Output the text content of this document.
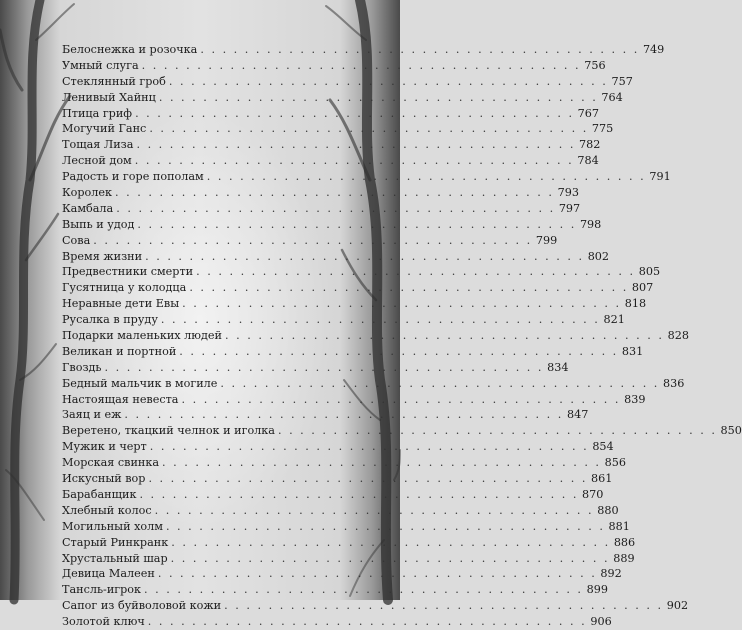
Белоснежка и розочка . . . . . . . . . . . . . . . . . . . . . . . . . . . . . . . . . . . . . . . . 749
Умный слуга . . . . . . . . . . . . . . . . . . . . . . . . . . . . . . . . . . . . . . . . 756
Стеклянный гроб . . . . . . . . . . . . . . . . . . . . . . . . . . . . . . . . . . . . . . . . 757
Ленивый Хайнц . . . . . . . . . . . . . . . . . . . . . . . . . . . . . . . . . . . . . . . . 764
Птица гриф . . . . . . . . . . . . . . . . . . . . . . . . . . . . . . . . . . . . . . . . 767
Могучий Ганс . . . . . . . . . . . . . . . . . . . . . . . . . . . . . . . . . . . . . . . . 775
Тощая Лиза . . . . . . . . . . . . . . . . . . . . . . . . . . . . . . . . . . . . . . . . 782
Лесной дом . . . . . . . . . . . . . . . . . . . . . . . . . . . . . . . . . . . . . . . . 784
Радость и горе пополам . . . . . . . . . . . . . . . . . . . . . . . . . . . . . . . . . . . . . . . . 791
Королек . . . . . . . . . . . . . . . . . . . . . . . . . . . . . . . . . . . . . . . . 793
Камбала . . . . . . . . . . . . . . . . . . . . . . . . . . . . . . . . . . . . . . . . 797
Выпь и удод . . . . . . . . . . . . . . . . . . . . . . . . . . . . . . . . . . . . . . . . 798
Сова . . . . . . . . . . . . . . . . . . . . . . . . . . . . . . . . . . . . . . . . 799
Время жизни . . . . . . . . . . . . . . . . . . . . . . . . . . . . . . . . . . . . . . . . 802
Предвестники смерти . . . . . . . . . . . . . . . . . . . . . . . . . . . . . . . . . . . . . . . . 805
Гусятница у колодца . . . . . . . . . . . . . . . . . . . . . . . . . . . . . . . . . . . . . . . . 807
Неравные дети Евы . . . . . . . . . . . . . . . . . . . . . . . . . . . . . . . . . . . . . . . . 818
Русалка в пруду . . . . . . . . . . . . . . . . . . . . . . . . . . . . . . . . . . . . . . . . 821
Подарки маленьких людей . . . . . . . . . . . . . . . . . . . . . . . . . . . . . . . . . . . . . . . . 828
Великан и портной . . . . . . . . . . . . . . . . . . . . . . . . . . . . . . . . . . . . . . . . 831
Гвоздь . . . . . . . . . . . . . . . . . . . . . . . . . . . . . . . . . . . . . . . . 834
Бедный мальчик в могиле . . . . . . . . . . . . . . . . . . . . . . . . . . . . . . . . . . . . . . . . 836
Настоящая невеста . . . . . . . . . . . . . . . . . . . . . . . . . . . . . . . . . . . . . . . . 839
Заяц и еж . . . . . . . . . . . . . . . . . . . . . . . . . . . . . . . . . . . . . . . . 847
Веретено, ткацкий челнок и иголка . . . . . . . . . . . . . . . . . . . . . . . . . . . . . . . . . . . . . . . . 850
Мужик и черт . . . . . . . . . . . . . . . . . . . . . . . . . . . . . . . . . . . . . . . . 854
Морская свинка . . . . . . . . . . . . . . . . . . . . . . . . . . . . . . . . . . . . . . . . 856
Искусный вор . . . . . . . . . . . . . . . . . . . . . . . . . . . . . . . . . . . . . . . . 861
Барабанщик . . . . . . . . . . . . . . . . . . . . . . . . . . . . . . . . . . . . . . . . 870
Хлебный колос . . . . . . . . . . . . . . . . . . . . . . . . . . . . . . . . . . . . . . . . 880
Могильный холм . . . . . . . . . . . . . . . . . . . . . . . . . . . . . . . . . . . . . . . . 881
Старый Ринкранк . . . . . . . . . . . . . . . . . . . . . . . . . . . . . . . . . . . . . . . . 886
Хрустальный шар . . . . . . . . . . . . . . . . . . . . . . . . . . . . . . . . . . . . . . . . 889
Девица Малеен . . . . . . . . . . . . . . . . . . . . . . . . . . . . . . . . . . . . . . . . 892
Тансль-игрок . . . . . . . . . . . . . . . . . . . . . . . . . . . . . . . . . . . . . . . . 899
Сапог из буйволовой кожи . . . . . . . . . . . . . . . . . . . . . . . . . . . . . . . . . . . . . . . . 902
Золотой ключ . . . . . . . . . . . . . . . . . . . . . . . . . . . . . . . . . . . . . . . . 906
